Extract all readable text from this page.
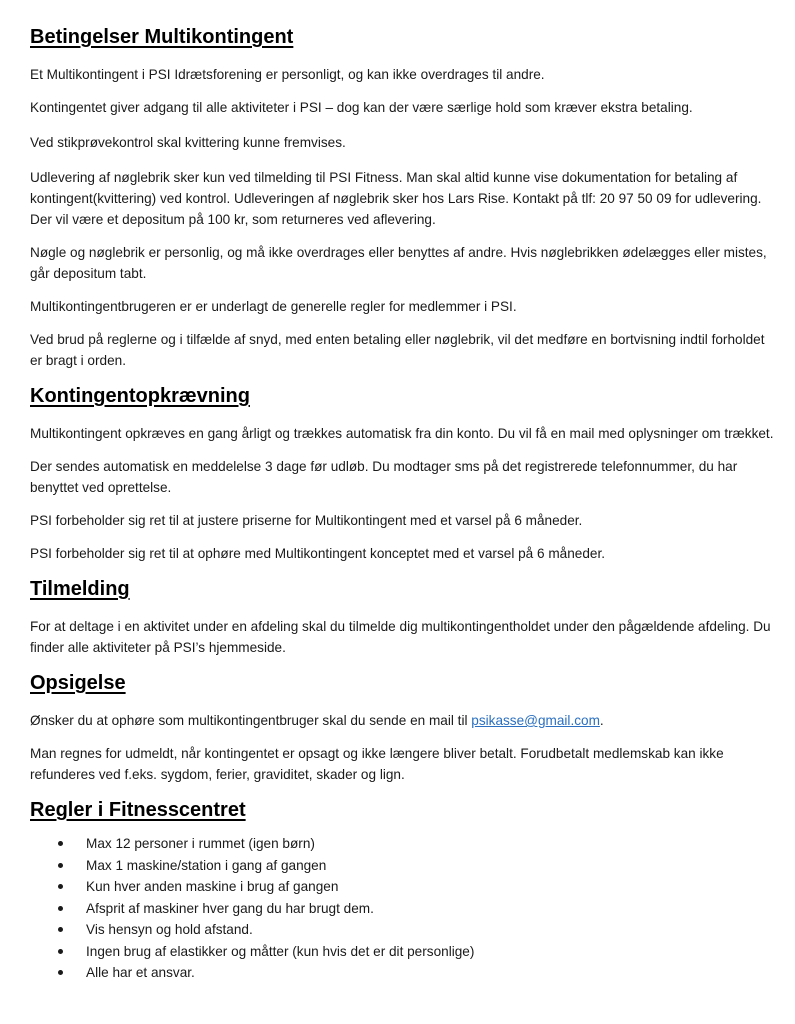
Betingelser Multikontingent

Et Multikontingent i PSI Idrætsforening er personligt, og kan ikke overdrages til andre.

Kontingentet giver adgang til alle aktiviteter i PSI – dog kan der være særlige hold som kræver ekstra betaling.

Ved stikprøvekontrol skal kvittering kunne fremvises.

Udlevering af nøglebrik sker kun ved tilmelding til PSI Fitness. Man skal altid kunne vise dokumentation for betaling af kontingent(kvittering) ved kontrol. Udleveringen af nøglebrik sker hos Lars Rise. Kontakt på tlf: 20 97 50 09 for udlevering. Der vil være et depositum på 100 kr, som returneres ved aflevering.

Nøgle og nøglebrik er personlig, og må ikke overdrages eller benyttes af andre. Hvis nøglebrikken ødelægges eller mistes, går depositum tabt.

Multikontingentbrugeren er er underlagt de generelle regler for medlemmer i PSI.

Ved brud på reglerne og i tilfælde af snyd, med enten betaling eller nøglebrik, vil det medføre en bortvisning indtil forholdet er bragt i orden.

Kontingentopkrævning

Multikontingent opkræves en gang årligt og trækkes automatisk fra din konto. Du vil få en mail med oplysninger om trækket.

Der sendes automatisk en meddelelse 3 dage før udløb. Du modtager sms på det registrerede telefonnummer, du har benyttet ved oprettelse.

PSI forbeholder sig ret til at justere priserne for Multikontingent med et varsel på 6 måneder.

PSI forbeholder sig ret til at ophøre med Multikontingent konceptet med et varsel på 6 måneder.

Tilmelding

For at deltage i en aktivitet under en afdeling skal du tilmelde dig multikontingentholdet under den pågældende afdeling. Du finder alle aktiviteter på PSI’s hjemmeside.

Opsigelse

Ønsker du at ophøre som multikontingentbruger skal du sende en mail til psikasse@gmail.com.

Man regnes for udmeldt, når kontingentet er opsagt og ikke længere bliver betalt. Forudbetalt medlemskab kan ikke refunderes ved f.eks. sygdom, ferier, graviditet, skader og lign.

Regler i Fitnesscentret
Max 12 personer i rummet (igen børn)
Max 1 maskine/station i gang af gangen
Kun hver anden maskine i brug af gangen
Afsprit af maskiner hver gang du har brugt dem.
Vis hensyn og hold afstand.
Ingen brug af elastikker og måtter (kun hvis det er dit personlige)
Alle har et ansvar.
